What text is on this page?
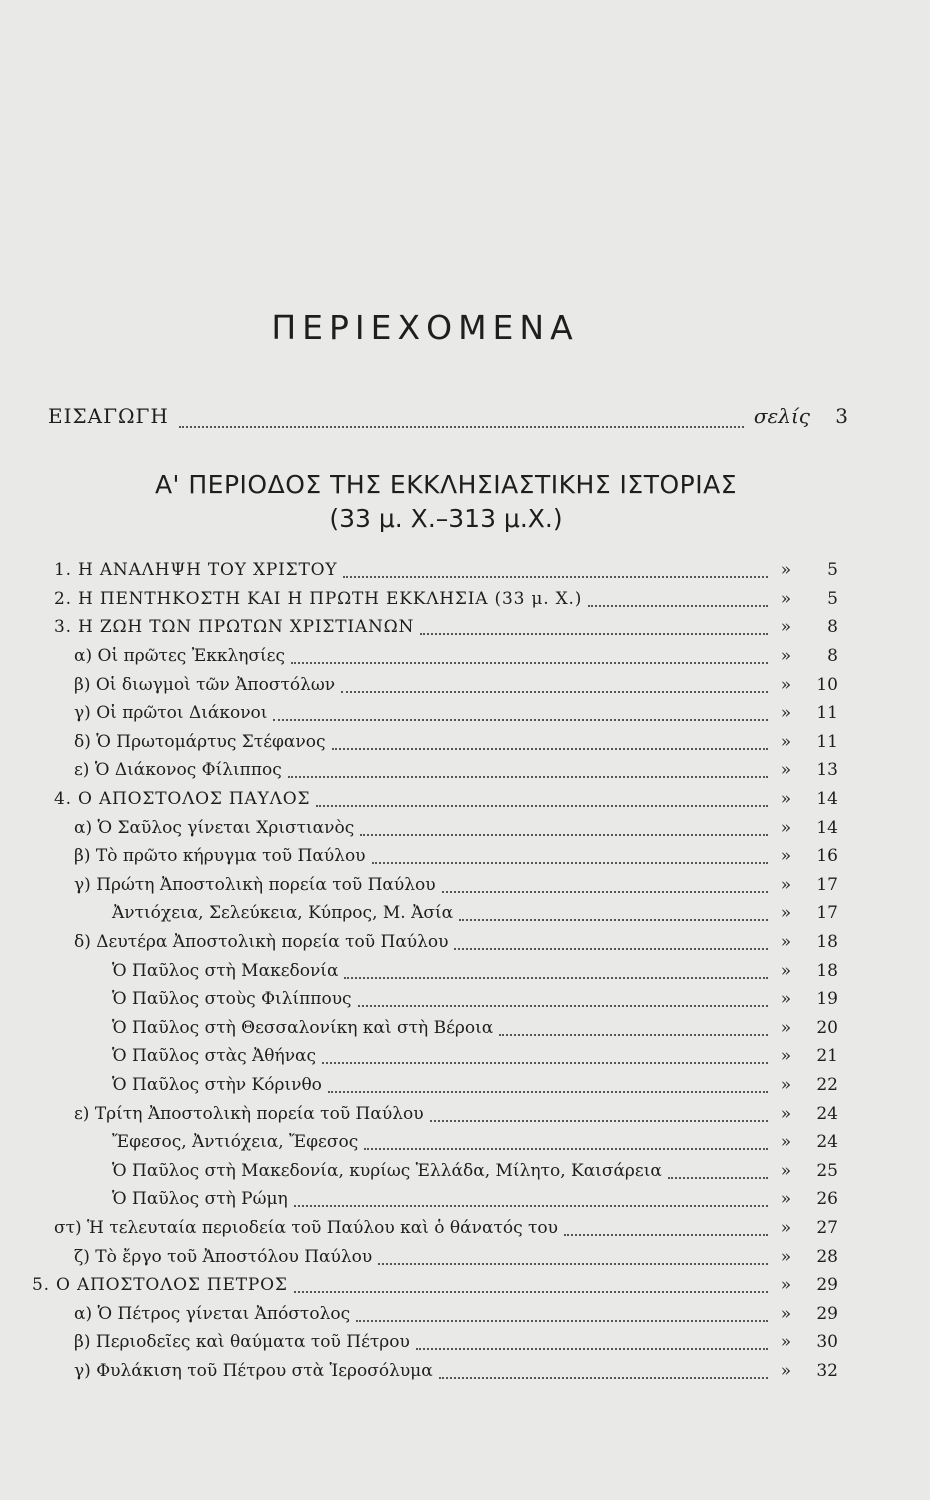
ΠΕΡΙΕΧΟΜΕΝΑ
ΕΙΣΑΓΩΓΗ	σελίς	3
Α' ΠΕΡΙΟΔΟΣ ΤΗΣ ΕΚΚΛΗΣΙΑΣΤΙΚΗΣ ΙΣΤΟΡΙΑΣ
(33 μ. Χ.–313 μ.Χ.)
1. Η ΑΝΑΛΗΨΗ ΤΟΥ ΧΡΙΣΤΟΥ	»	5
2. Η ΠΕΝΤΗΚΟΣΤΗ ΚΑΙ Η ΠΡΩΤΗ ΕΚΚΛΗΣΙΑ (33 μ. Χ.)	»	5
3. Η ΖΩΗ ΤΩΝ ΠΡΩΤΩΝ ΧΡΙΣΤΙΑΝΩΝ	»	8
α) Οἱ πρῶτες Ἐκκλησίες	»	8
β) Οἱ διωγμοὶ τῶν Ἀποστόλων	»	10
γ) Οἱ πρῶτοι Διάκονοι	»	11
δ) Ὁ Πρωτομάρτυς Στέφανος	»	11
ε) Ὁ Διάκονος Φίλιππος	»	13
4. Ο ΑΠΟΣΤΟΛΟΣ ΠΑΥΛΟΣ	»	14
α) Ὁ Σαῦλος γίνεται Χριστιανὸς	»	14
β) Τὸ πρῶτο κήρυγμα τοῦ Παύλου	»	16
γ) Πρώτη Ἀποστολικὴ πορεία τοῦ Παύλου	»	17
Ἀντιόχεια, Σελεύκεια, Κύπρος, Μ. Ἀσία	»	17
δ) Δευτέρα Ἀποστολικὴ πορεία τοῦ Παύλου	»	18
Ὁ Παῦλος στὴ Μακεδονία	»	18
Ὁ Παῦλος στοὺς Φιλίππους	»	19
Ὁ Παῦλος στὴ Θεσσαλονίκη καὶ στὴ Βέροια	»	20
Ὁ Παῦλος στὰς Ἀθήνας	»	21
Ὁ Παῦλος στὴν Κόρινθο	»	22
ε) Τρίτη Ἀποστολικὴ πορεία τοῦ Παύλου	»	24
Ἔφεσος, Ἀντιόχεια, Ἔφεσος	»	24
Ὁ Παῦλος στὴ Μακεδονία, κυρίως Ἑλλάδα, Μίλητο, Καισάρεια	»	25
Ὁ Παῦλος στὴ Ρώμη	»	26
στ) Ἡ τελευταία περιοδεία τοῦ Παύλου καὶ ὁ θάνατός του	»	27
ζ) Τὸ ἔργο τοῦ Ἀποστόλου Παύλου	»	28
5. Ο ΑΠΟΣΤΟΛΟΣ ΠΕΤΡΟΣ	»	29
α) Ὁ Πέτρος γίνεται Ἀπόστολος	»	29
β) Περιοδεῖες καὶ θαύματα τοῦ Πέτρου	»	30
γ) Φυλάκιση τοῦ Πέτρου στὰ Ἱεροσόλυμα	»	32
